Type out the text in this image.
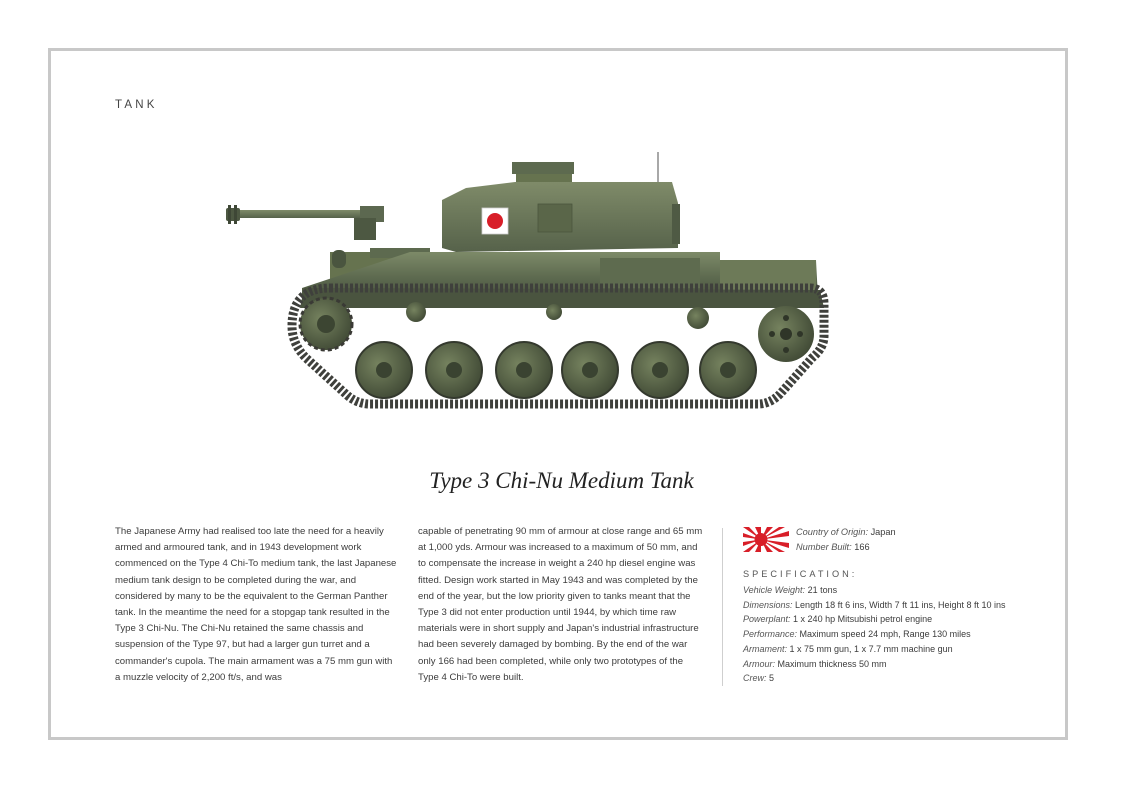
TANK
Type 3 Chi-Nu Medium Tank
The Japanese Army had realised too late the need for a heavily armed and armoured tank, and in 1943 development work commenced on the Type 4 Chi-To medium tank, the last Japanese medium tank design to be completed during the war, and considered by many to be the equivalent to the German Panther tank. In the meantime the need for a stopgap tank resulted in the Type 3 Chi-Nu. The Chi-Nu retained the same chassis and suspension of the Type 97, but had a larger gun turret and a commander's cupola. The main armament was a 75 mm gun with a muzzle velocity of 2,200 ft/s, and was
capable of penetrating 90 mm of armour at close range and 65 mm at 1,000 yds. Armour was increased to a maximum of 50 mm, and to compensate the increase in weight a 240 hp diesel engine was fitted. Design work started in May 1943 and was completed by the end of the year, but the low priority given to tanks meant that the Type 3 did not enter production until 1944, by which time raw materials were in short supply and Japan's industrial infrastructure had been severely damaged by bombing. By the end of the war only 166 had been completed, while only two prototypes of the Type 4 Chi-To were built.
Country of Origin: Japan
Number Built: 166
SPECIFICATION:
Vehicle Weight: 21 tons
Dimensions: Length 18 ft 6 ins, Width 7 ft 11 ins, Height 8 ft 10 ins
Powerplant: 1 x 240 hp Mitsubishi petrol engine
Performance: Maximum speed 24 mph, Range 130 miles
Armament: 1 x 75 mm gun, 1 x 7.7 mm machine gun
Armour: Maximum thickness 50 mm
Crew: 5
